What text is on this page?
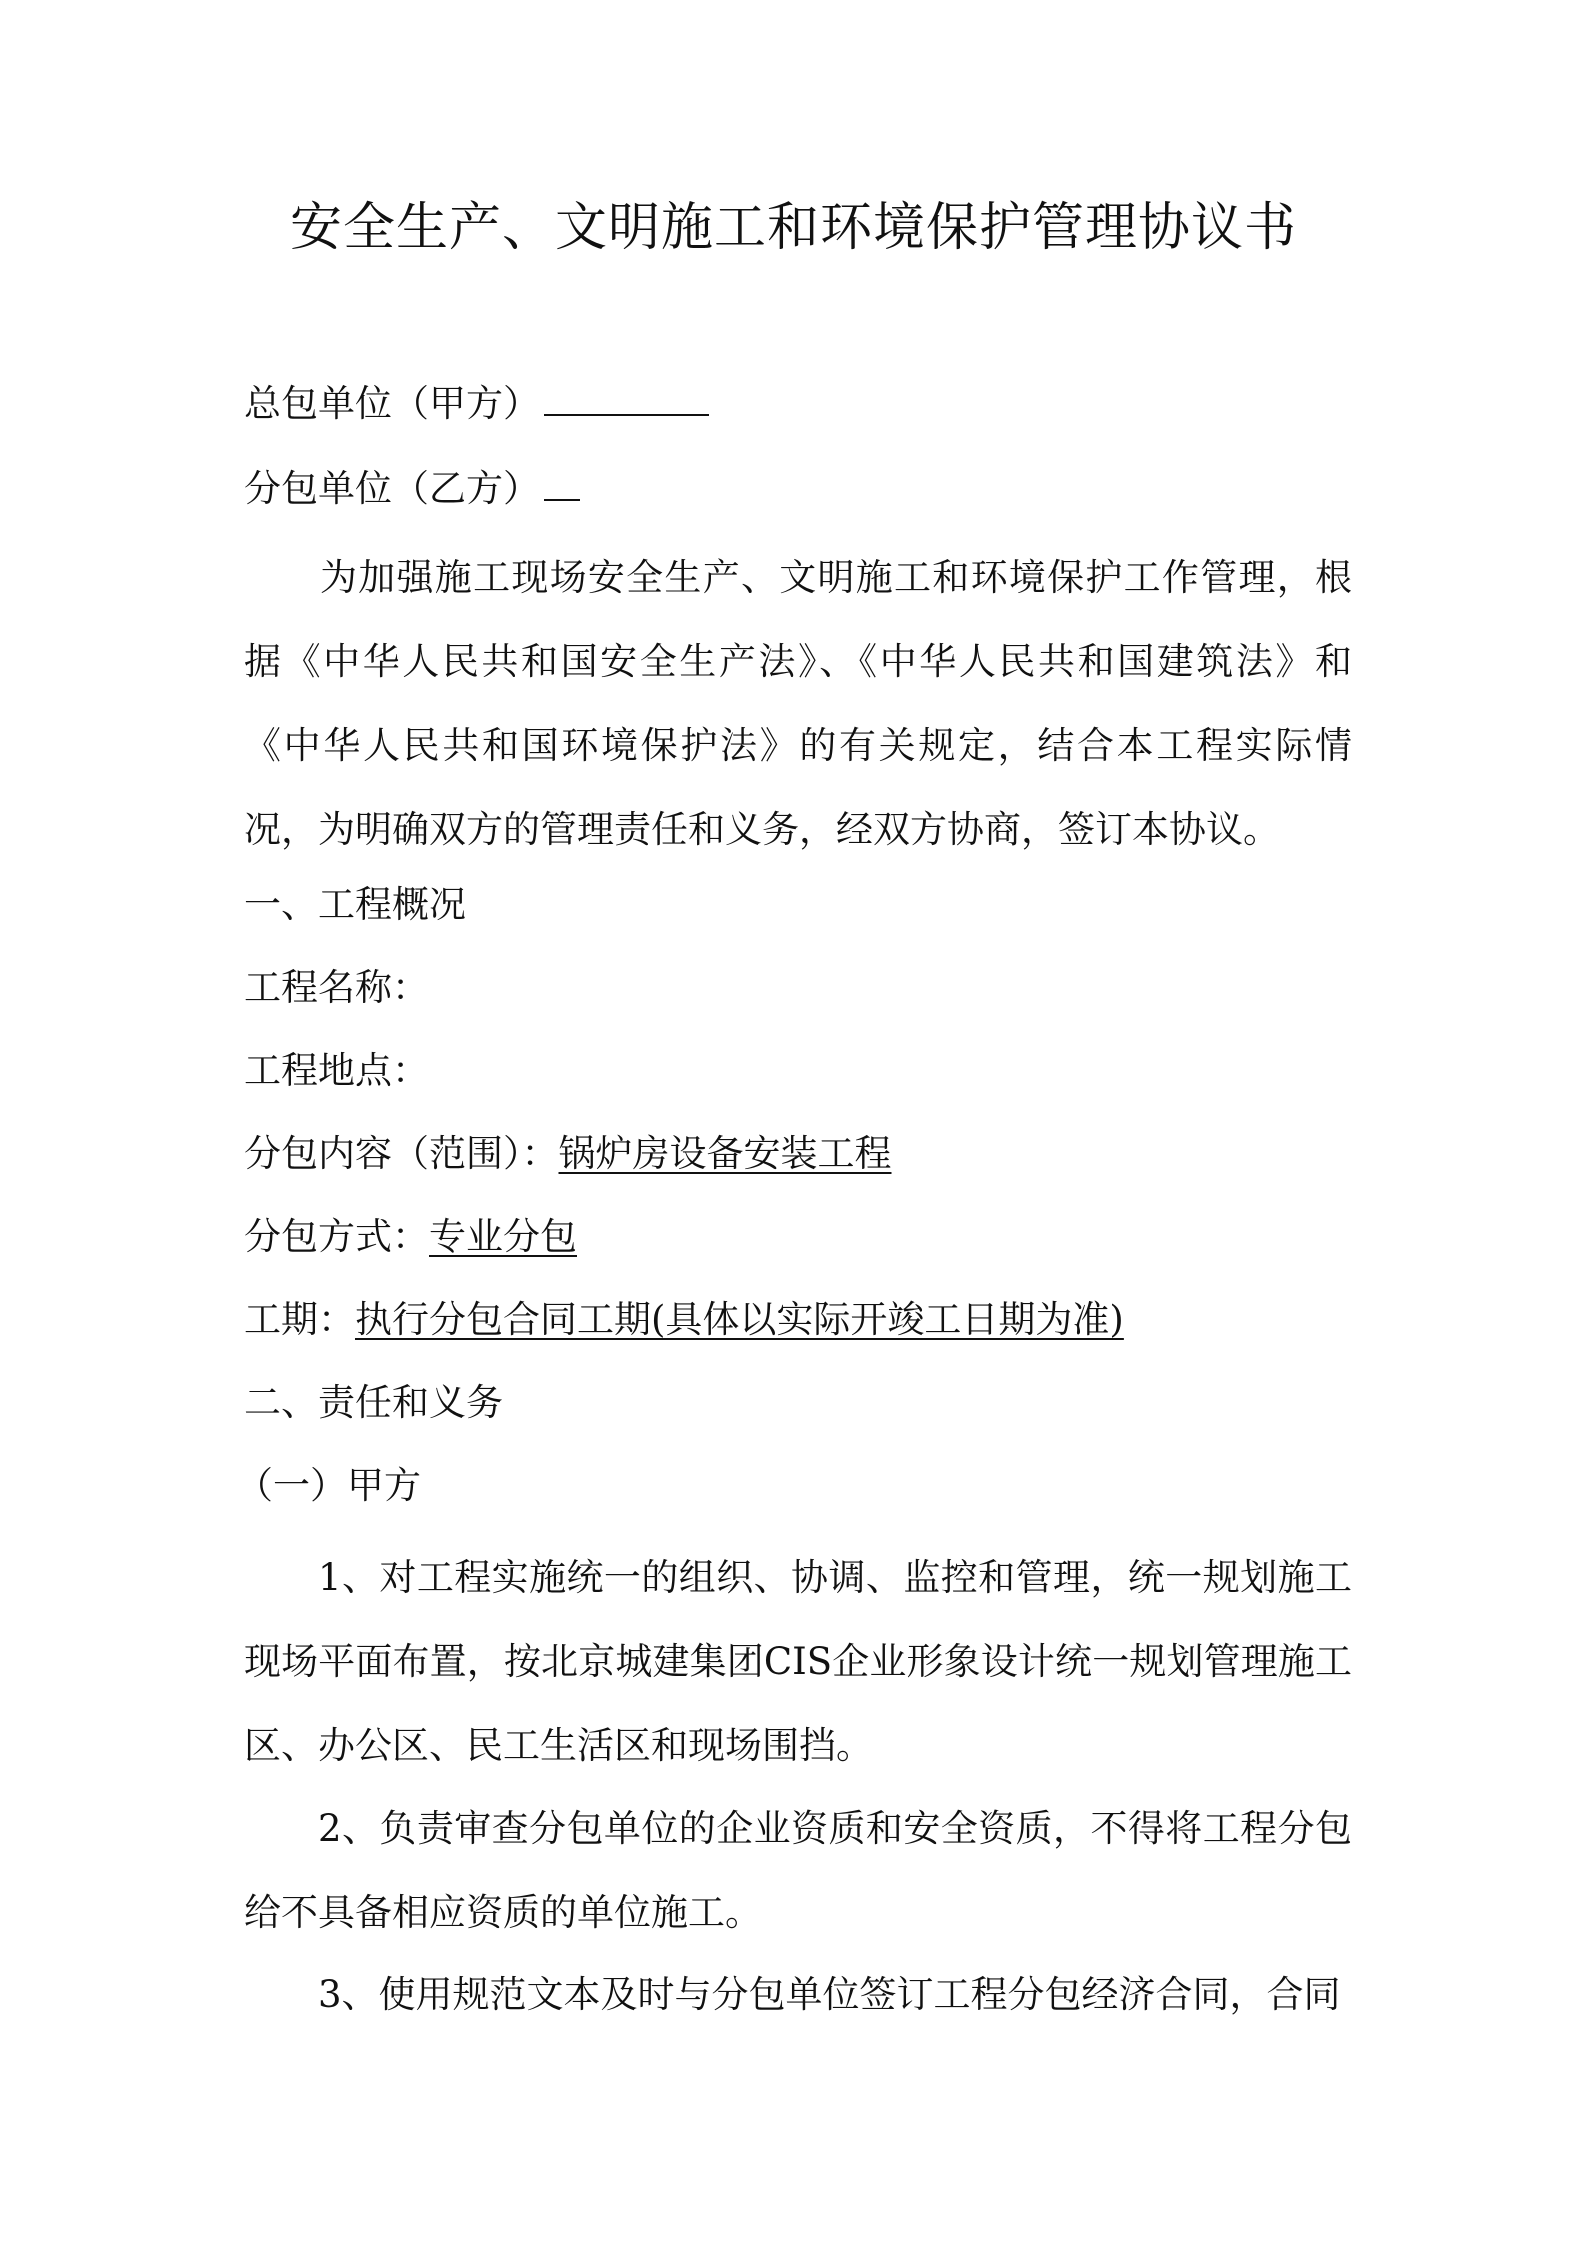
安全生产、文明施工和环境保护管理协议书

总包单位（甲方）

分包单位（乙方）

为加强施工现场安全生产、文明施工和环境保护工作管理，根据《中华人民共和国安全生产法》、《中华人民共和国建筑法》和《中华人民共和国环境保护法》的有关规定，结合本工程实际情况，为明确双方的管理责任和义务，经双方协商，签订本协议。

一、工程概况

工程名称：

工程地点：

分包内容（范围）：锅炉房设备安装工程

分包方式：专业分包

工期：执行分包合同工期(具体以实际开竣工日期为准)

二、责任和义务

（一）甲方

1、对工程实施统一的组织、协调、监控和管理，统一规划施工现场平面布置，按北京城建集团CIS企业形象设计统一规划管理施工区、办公区、民工生活区和现场围挡。

2、负责审查分包单位的企业资质和安全资质，不得将工程分包给不具备相应资质的单位施工。

3、使用规范文本及时与分包单位签订工程分包经济合同，合同
